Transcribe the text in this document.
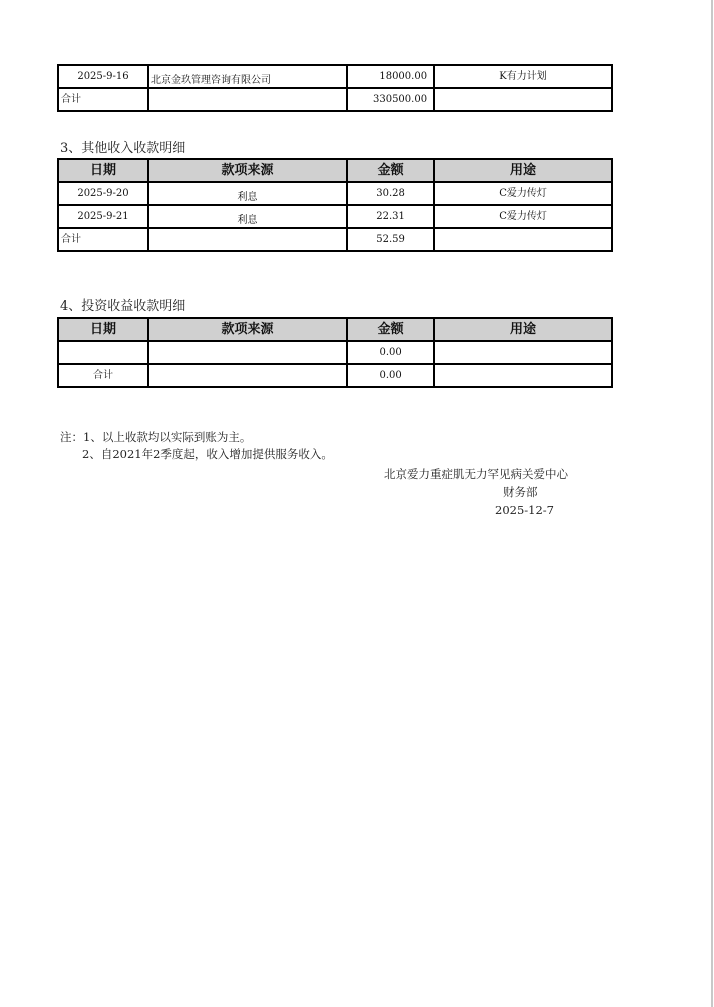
2025-9-16	北京金玖管理咨询有限公司	18000.00	K有力计划
合计		330500.00	
3、其他收入收款明细
日期	款项来源	金额	用途
2025-9-20	利息	30.28	C爱力传灯
2025-9-21	利息	22.31	C爱力传灯
合计		52.59	
4、投资收益收款明细
日期	款项来源	金额	用途
		0.00	
合计		0.00	
注：1、以上收款均以实际到账为主。
2、自2021年2季度起，收入增加提供服务收入。
北京爱力重症肌无力罕见病关爱中心
财务部
2025-12-7
